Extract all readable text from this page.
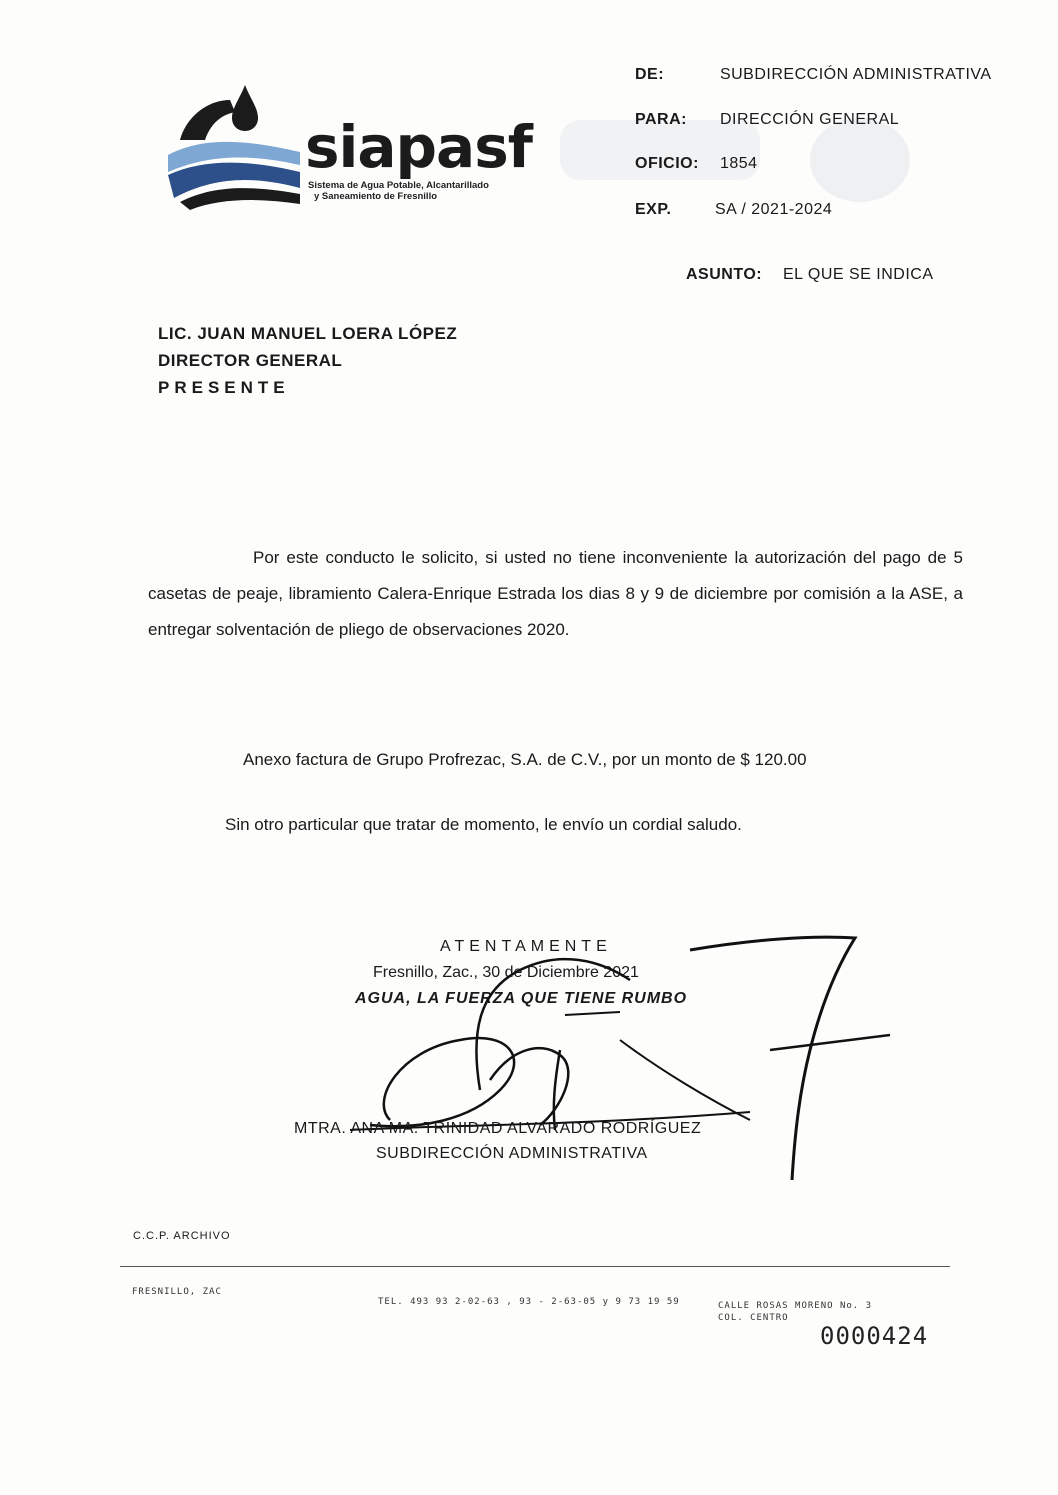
siapasf
Sistema de Agua Potable, Alcantarillado
y Saneamiento de Fresnillo
DE:	SUBDIRECCIÓN ADMINISTRATIVA
PARA: DIRECCIÓN GENERAL
OFICIO: 1854
EXP.	SA / 2021-2024
ASUNTO: EL QUE SE INDICA
LIC. JUAN MANUEL LOERA LÓPEZ
DIRECTOR GENERAL
PRESENTE
Por este conducto le solicito, si usted no tiene inconveniente la autorización del pago de 5 casetas de peaje, libramiento Calera-Enrique Estrada los dias 8 y 9 de diciembre por comisión a la ASE, a entregar solventación de pliego de observaciones 2020.
Anexo factura de Grupo Profrezac, S.A. de C.V., por un monto de $ 120.00
Sin otro particular que tratar de momento, le envío un cordial saludo.
ATENTAMENTE
Fresnillo, Zac., 30 de Diciembre 2021
AGUA, LA FUERZA QUE TIENE RUMBO
MTRA. ANA MA. TRINIDAD ALVARADO RODRÍGUEZ
SUBDIRECCIÓN ADMINISTRATIVA
C.C.P. ARCHIVO
FRESNILLO, ZAC
TEL. 493 93 2-02-63 , 93 - 2-63-05 y 9 73 19 59	CALLE ROSAS MORENO No. 3
COL. CENTRO
0000424
